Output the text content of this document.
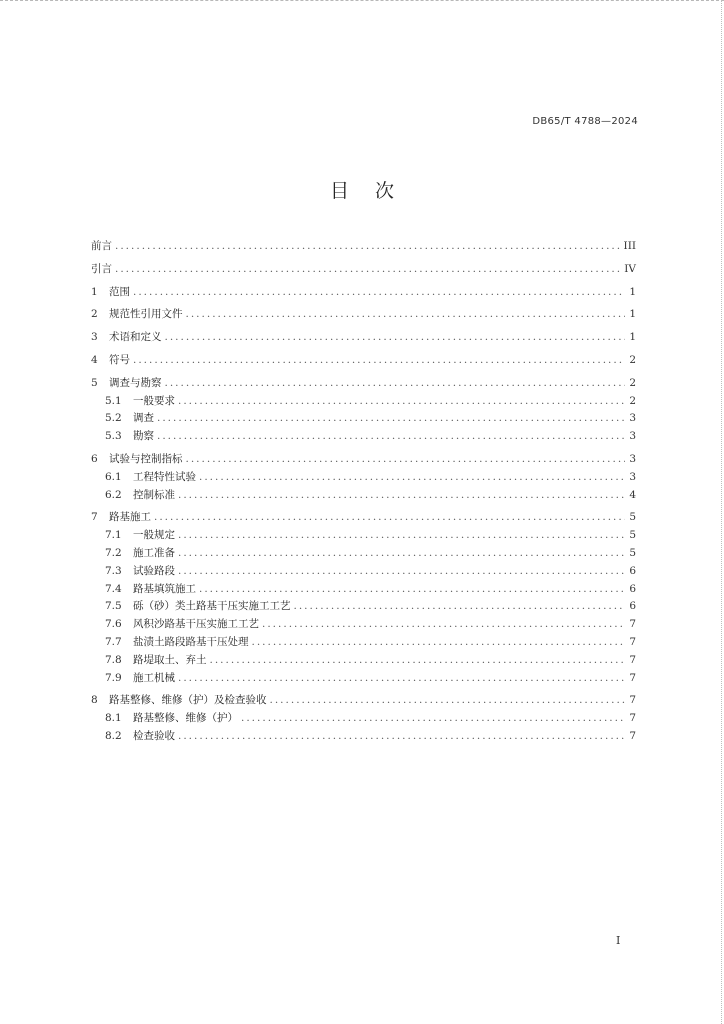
DB65/T 4788—2024
目次
前言 .....	III
引言 .....	IV
1	范围 .....	1
2	规范性引用文件 .....	1
3	术语和定义 .....	1
4	符号 .....	2
5	调查与勘察 .....	2
5.1	一般要求 .....	2
5.2	调查 .....	3
5.3	勘察 .....	3
6	试验与控制指标 .....	3
6.1	工程特性试验 .....	3
6.2	控制标准 .....	4
7	路基施工 .....	5
7.1	一般规定 .....	5
7.2	施工准备 .....	5
7.3	试验路段 .....	6
7.4	路基填筑施工 .....	6
7.5	砾（砂）类土路基干压实施工工艺 .....	6
7.6	风积沙路基干压实施工工艺 .....	7
7.7	盐渍土路段路基干压处理 .....	7
7.8	路堤取土、弃土 .....	7
7.9	施工机械 .....	7
8	路基整修、维修（护）及检查验收 .....	7
8.1	路基整修、维修（护） .....	7
8.2	检查验收 .....	7
I
